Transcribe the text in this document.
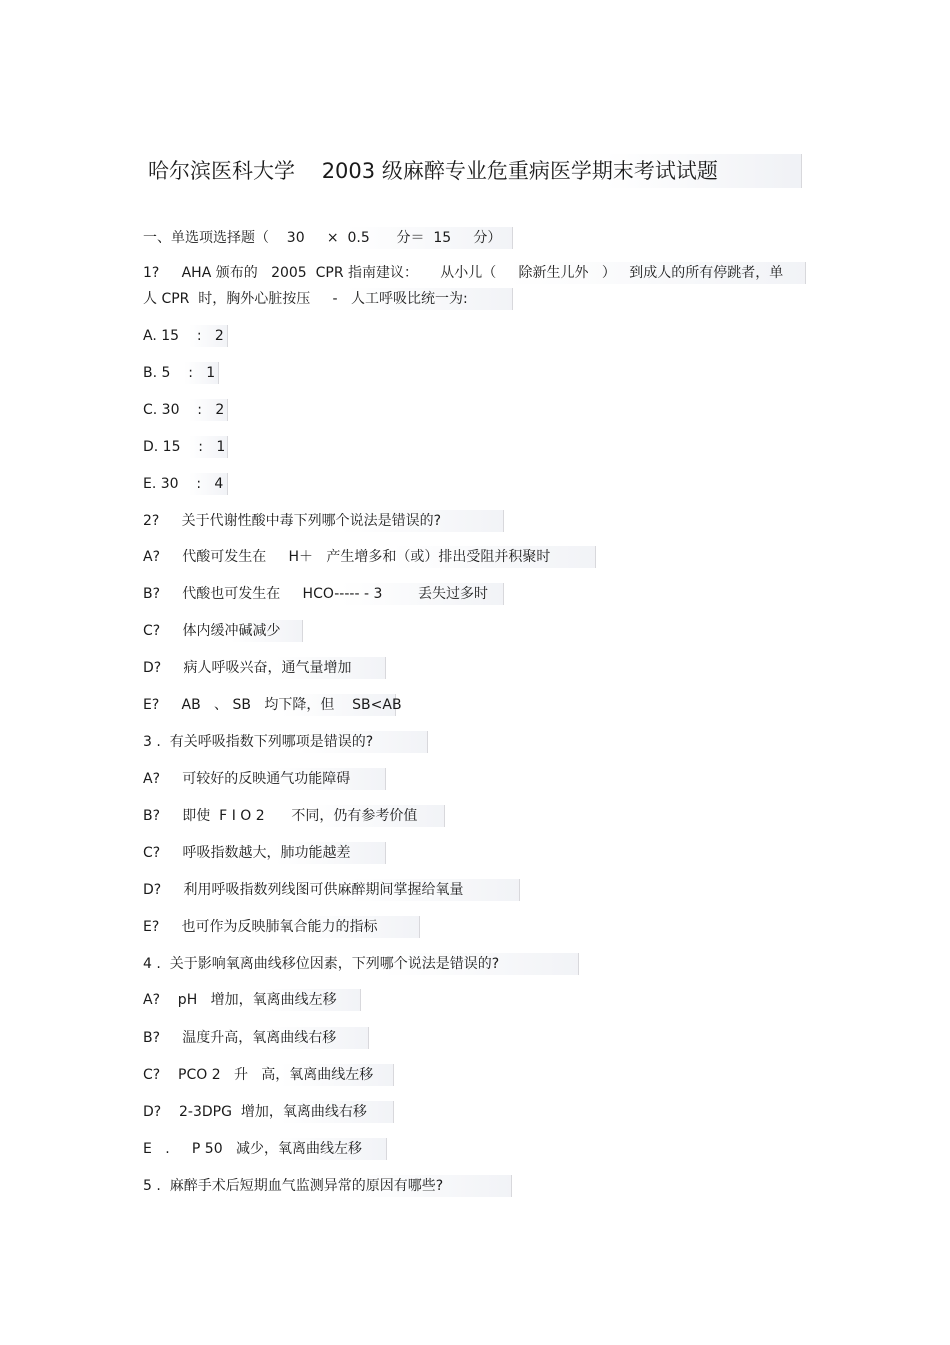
哈尔滨医科大学    2003 级麻醉专业危重病医学期末考试试题
一、单选项选择题（    30     ×  0.5      分＝  15     分）
1?     AHA 颁布的   2005  CPR 指南建议：     从小儿（     除新生儿外   ）   到成人的所有停跳者，单
人 CPR  时，胸外心脏按压     -   人工呼吸比统一为:
A. 15    :   2
B. 5    :   1
C. 30    :   2
D. 15    :   1
E. 30    :   4
2?     关于代谢性酸中毒下列哪个说法是错误的?
A?     代酸可发生在     H＋   产生增多和（或）排出受阻并积聚时
B?     代酸也可发生在     HCO----- - 3        丢失过多时
C?     体内缓冲碱减少
D?     病人呼吸兴奋，通气量增加
E?     AB   、 SB   均下降，但    SB<AB
3 .  有关呼吸指数下列哪项是错误的?
A?     可较好的反映通气功能障碍
B?     即使  F I O 2      不同，仍有参考价值
C?     呼吸指数越大，肺功能越差
D?     利用呼吸指数列线图可供麻醉期间掌握给氧量
E?     也可作为反映肺氧合能力的指标
4 .  关于影响氧离曲线移位因素，下列哪个说法是错误的?
A?    pH   增加，氧离曲线左移
B?     温度升高，氧离曲线右移
C?    PCO 2   升   高，氧离曲线左移
D?    2-3DPG  增加，氧离曲线右移
E   .     P 50   减少，氧离曲线左移
5 .  麻醉手术后短期血气监测异常的原因有哪些?
